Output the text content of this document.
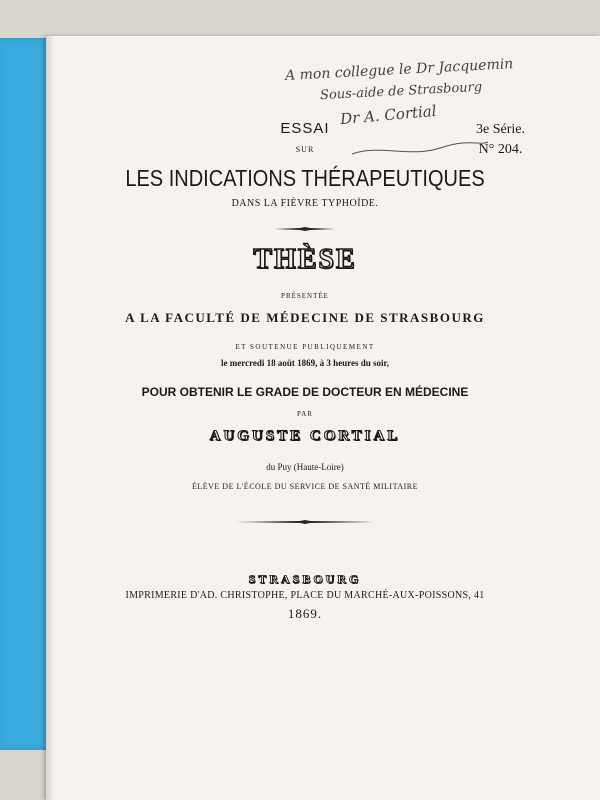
A mon collegue le Dr Jacquemin
Sous-aide de Strasbourg
Dr A. Cortial
ESSAI
SUR
3e Série.
N° 204.
LES INDICATIONS THÉRAPEUTIQUES
DANS LA FIÈVRE TYPHOÏDE.
THÈSE
PRÉSENTÉE
A LA FACULTÉ DE MÉDECINE DE STRASBOURG
ET SOUTENUE PUBLIQUEMENT
le mercredi 18 août 1869, à 3 heures du soir,
POUR OBTENIR LE GRADE DE DOCTEUR EN MÉDECINE
PAR
AUGUSTE CORTIAL
du Puy (Haute-Loire)
ÉLÈVE DE L'ÉCOLE DU SERVICE DE SANTÉ MILITAIRE
STRASBOURG
IMPRIMERIE D'AD. CHRISTOPHE, PLACE DU MARCHÉ-AUX-POISSONS, 41
1869.
